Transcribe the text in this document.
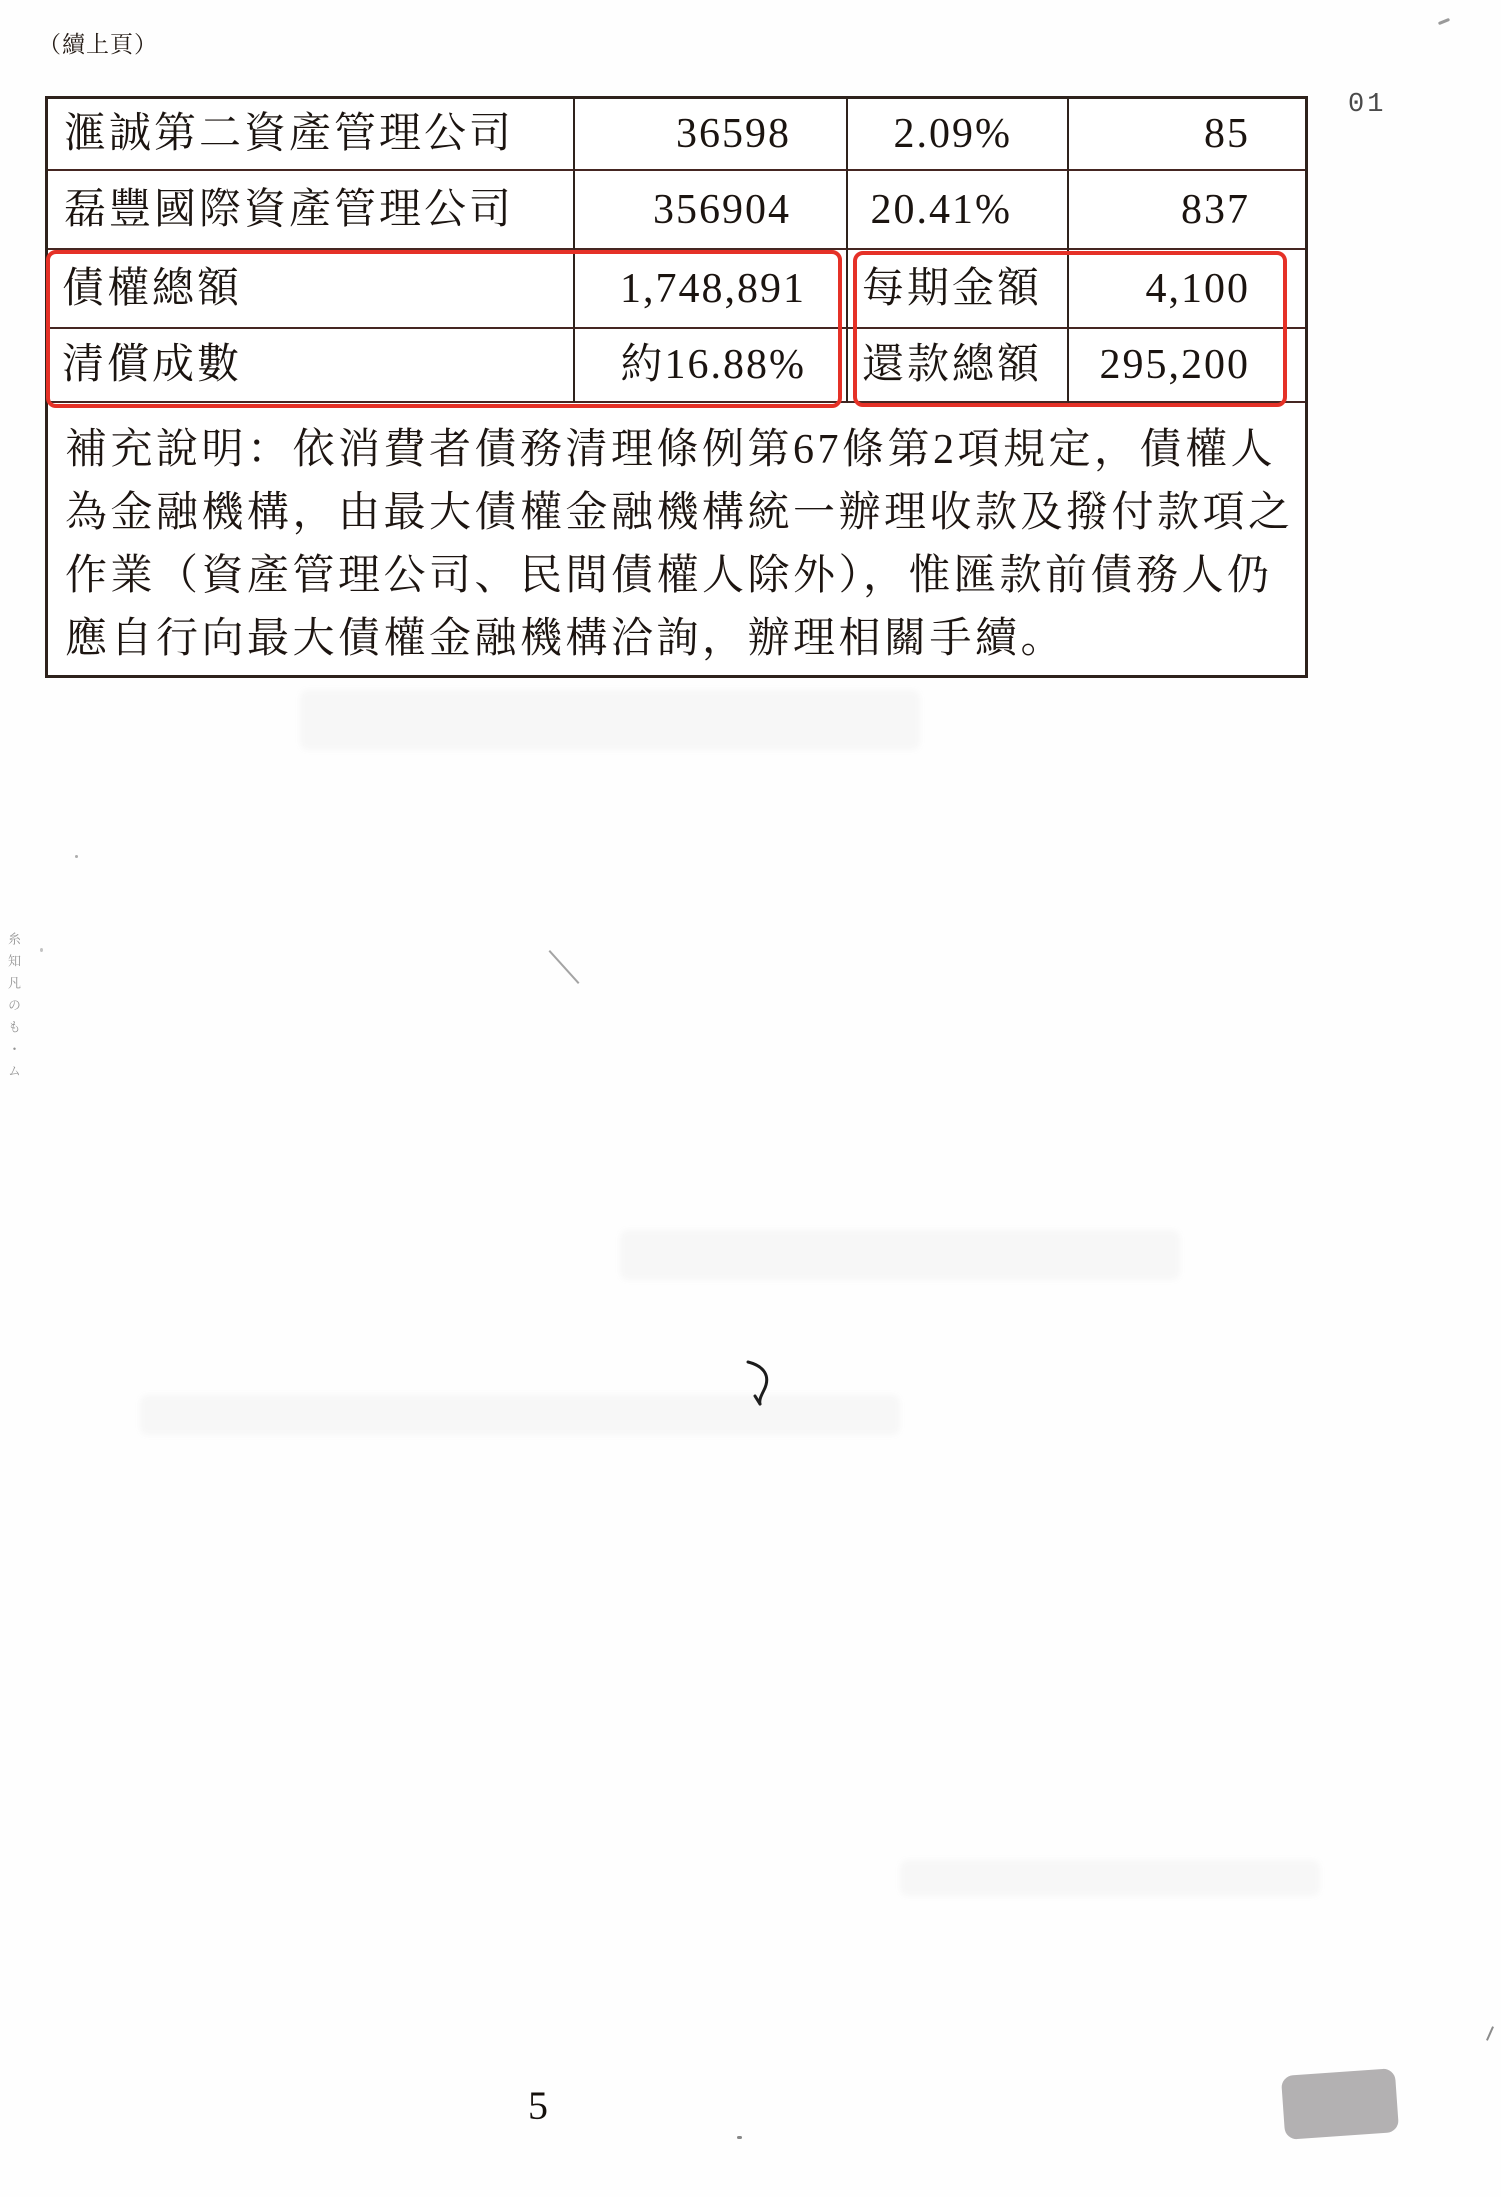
（續上頁）
01
滙誠第二資產管理公司	36598	2.09%	85
磊豐國際資產管理公司	356904	20.41%	837
債權總額	1,748,891	每期金額	4,100
清償成數	約16.88%	還款總額	295,200
補充說明：依消費者債務清理條例第67條第2項規定，債權人
為金融機構，由最大債權金融機構統一辦理收款及撥付款項之
作業（資產管理公司、民間債權人除外），惟匯款前債務人仍
應自行向最大債權金融機構洽詢，辦理相關手續。
糸知凡のも・ム
5
